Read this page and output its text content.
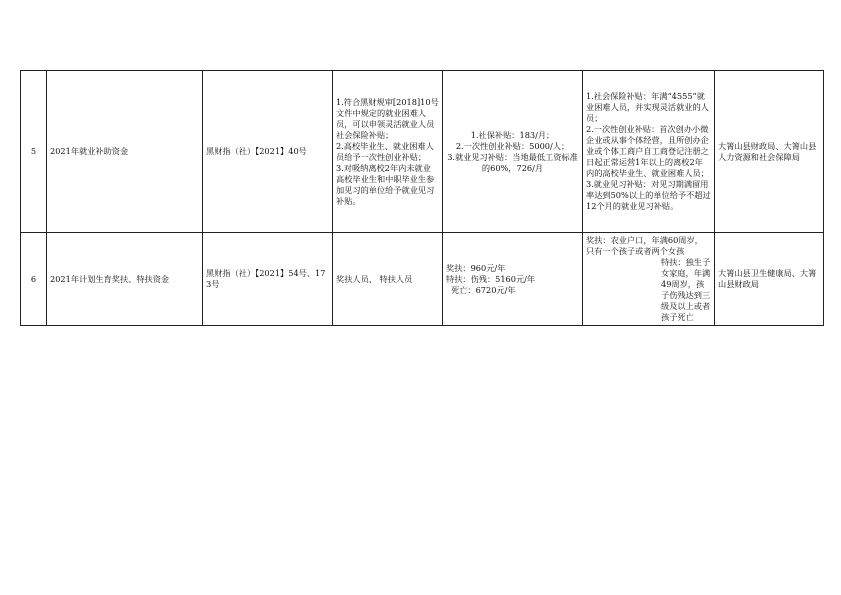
5	2021年就业补助资金	黑财指（社）【2021】40号	1.符合黑财规审[2018]10号文件中规定的就业困难人员，可以申领灵活就业人员社会保险补贴；
2.高校毕业生、就业困难人员给予一次性创业补贴；
3.对吸纳离校2年内未就业高校毕业生和中职毕业生参加见习的单位给予就业见习补贴。	1.社保补贴：183/月；
2.一次性创业补贴：5000/人；
3.就业见习补贴：当地最低工资标准的60%，726/月	1.社会保险补贴：年满“4555”就业困难人员，并实现灵活就业的人员；
2.一次性创业补贴：首次创办小微企业或从事个体经营，且所创办企业或个体工商户自工商登记注册之日起正常运营1年以上的离校2年内的高校毕业生、就业困难人员；
3.就业见习补贴：对见习期满留用率达到50%以上的单位给予不超过12个月的就业见习补贴。	大箐山县财政局、大箐山县人力资源和社会保障局
6	2021年计划生育奖扶、特扶资金	黑财指（社）【2021】54号、173号	奖扶人员、 特扶人员	奖扶：960元/年
特扶：伤残：5160元/年
死亡：6720元/年	奖扶：农业户口，年满60周岁，只有一个孩子或者两个女孩
特扶：独生子女家庭，年满49周岁，孩子伤残达到三级及以上或者孩子死亡	大箐山县卫生健康局、大箐山县财政局
